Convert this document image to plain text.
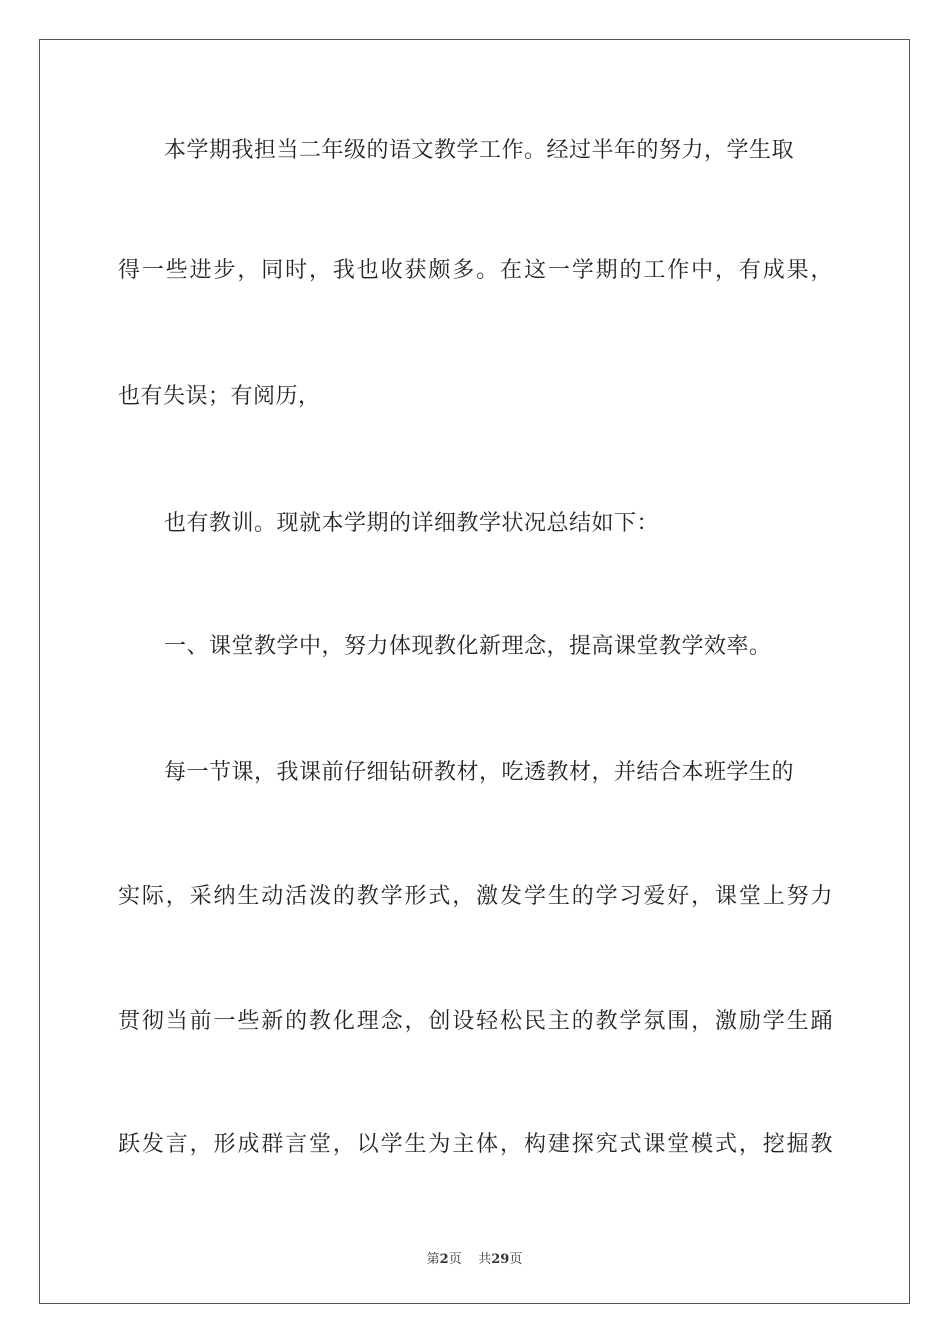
本学期我担当二年级的语文教学工作。经过半年的努力，学生取
得一些进步，同时，我也收获颇多。在这一学期的工作中，有成果，
也有失误；有阅历，
也有教训。现就本学期的详细教学状况总结如下：
一、课堂教学中，努力体现教化新理念，提高课堂教学效率。
每一节课，我课前仔细钻研教材，吃透教材，并结合本班学生的
实际，采纳生动活泼的教学形式，激发学生的学习爱好，课堂上努力
贯彻当前一些新的教化理念，创设轻松民主的教学氛围，激励学生踊
跃发言，形成群言堂，以学生为主体，构建探究式课堂模式，挖掘教
第2页 共29页
